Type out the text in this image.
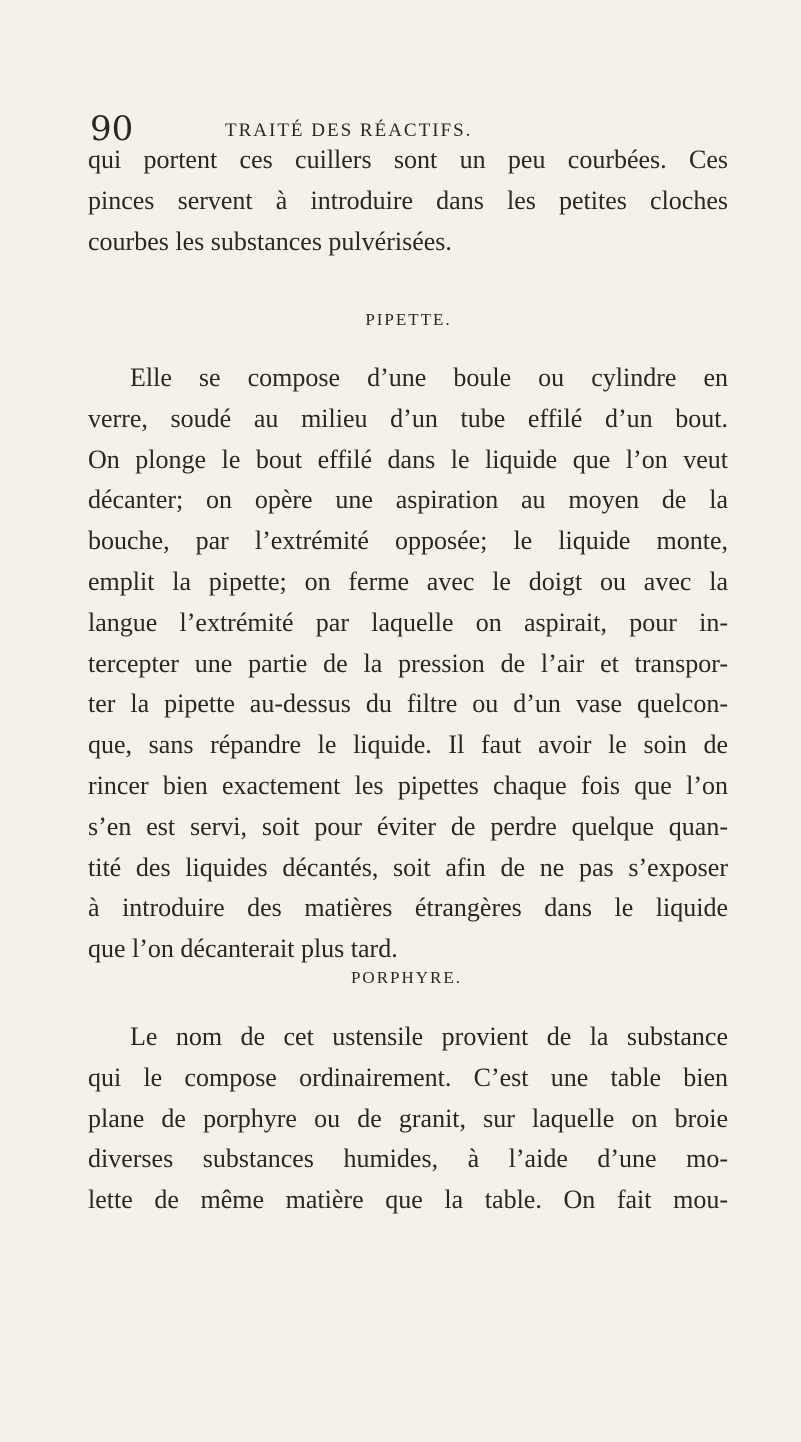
90	TRAITÉ DES RÉACTIFS.
qui portent ces cuillers sont un peu courbées. Ces
pinces servent à introduire dans les petites cloches
courbes les substances pulvérisées.
PIPETTE.
Elle se compose d’une boule ou cylindre en
verre, soudé au milieu d’un tube effilé d’un bout.
On plonge le bout effilé dans le liquide que l’on veut
décanter; on opère une aspiration au moyen de la
bouche, par l’extrémité opposée; le liquide monte,
emplit la pipette; on ferme avec le doigt ou avec la
langue l’extrémité par laquelle on aspirait, pour in-
tercepter une partie de la pression de l’air et transpor-
ter la pipette au-dessus du filtre ou d’un vase quelcon-
que, sans répandre le liquide. Il faut avoir le soin de
rincer bien exactement les pipettes chaque fois que l’on
s’en est servi, soit pour éviter de perdre quelque quan-
tité des liquides décantés, soit afin de ne pas s’exposer
à introduire des matières étrangères dans le liquide
que l’on décanterait plus tard.
PORPHYRE.
Le nom de cet ustensile provient de la substance
qui le compose ordinairement. C’est une table bien
plane de porphyre ou de granit, sur laquelle on broie
diverses substances humides, à l’aide d’une mo-
lette de même matière que la table. On fait mou-
